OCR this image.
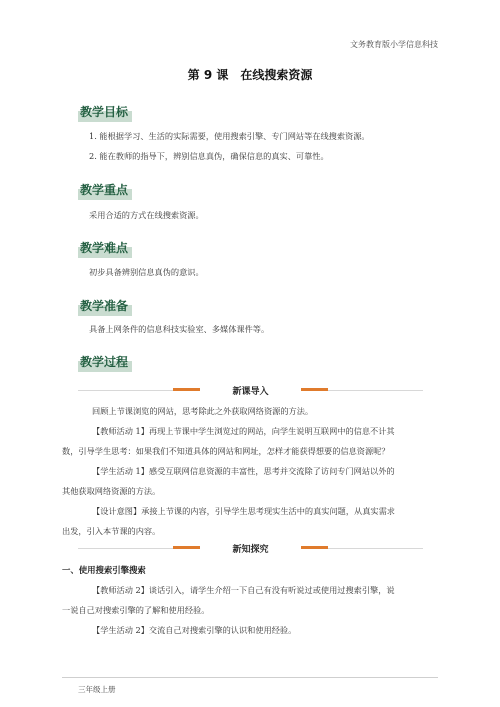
文务教育版小学信息科技
第 9 课　在线搜索资源
教学目标
1. 能根据学习、生活的实际需要，使用搜索引擎、专门网站等在线搜索资源。
2. 能在教师的指导下，辨别信息真伪，确保信息的真实、可靠性。
教学重点
采用合适的方式在线搜索资源。
教学难点
初步具备辨别信息真伪的意识。
教学准备
具备上网条件的信息科技实验室、多媒体课件等。
教学过程
新课导入
回顾上节课浏览的网站，思考除此之外获取网络资源的方法。
【教师活动 1】再现上节课中学生浏览过的网站，向学生说明互联网中的信息不计其
数，引导学生思考：如果我们不知道具体的网站和网址，怎样才能获得想要的信息资源呢？
【学生活动 1】感受互联网信息资源的丰富性，思考并交流除了访问专门网站以外的
其他获取网络资源的方法。
【设计意图】承接上节课的内容，引导学生思考现实生活中的真实问题，从真实需求
出发，引入本节课的内容。
新知探究
一、使用搜索引擎搜索
【教师活动 2】谈话引入，请学生介绍一下自己有没有听说过或使用过搜索引擎，说
一说自己对搜索引擎的了解和使用经验。
【学生活动 2】交流自己对搜索引擎的认识和使用经验。
三年级上册
